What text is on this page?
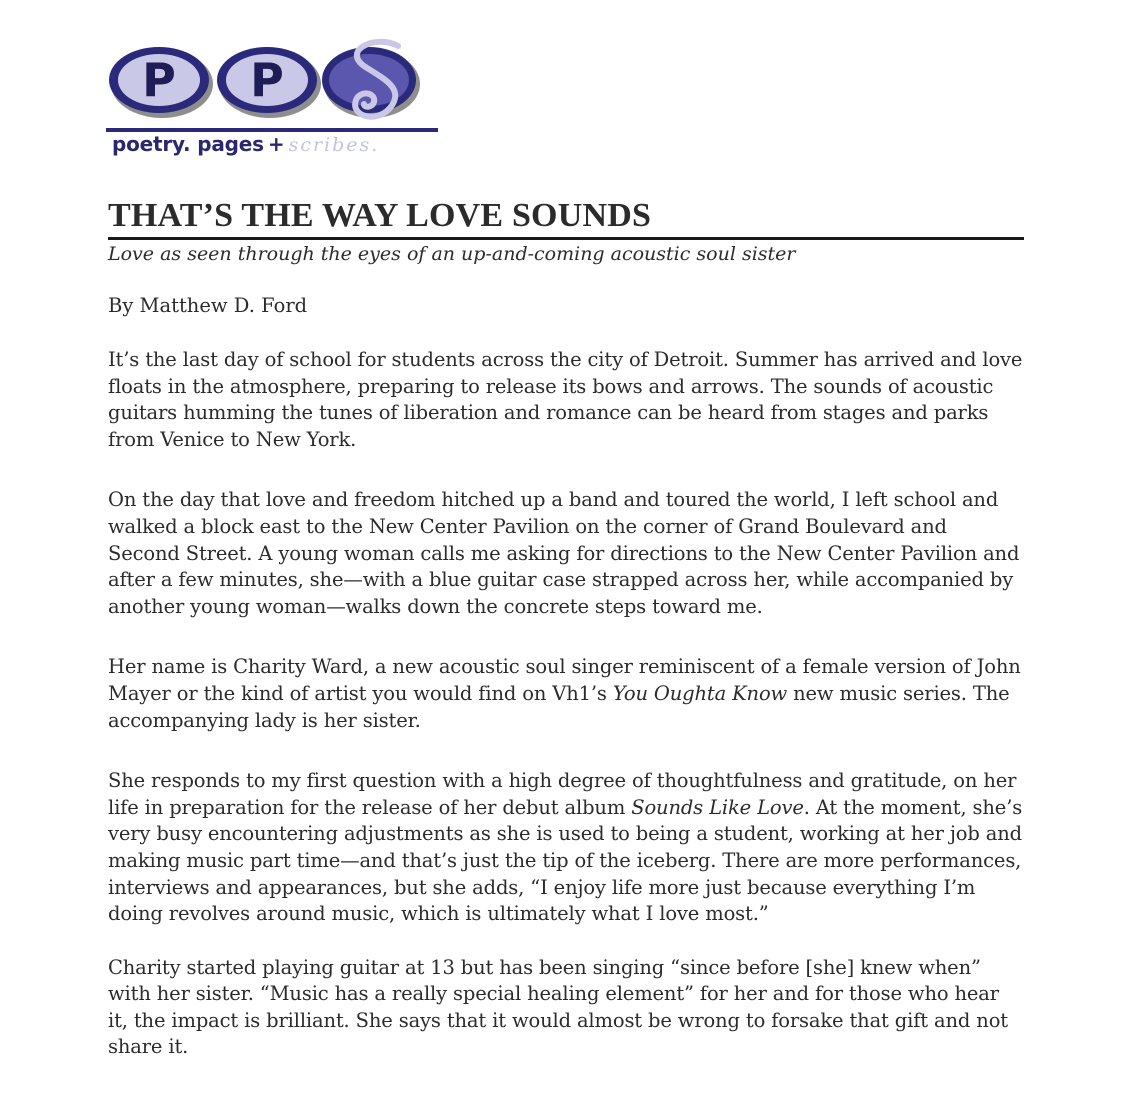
P P
poetry. pages + scribes.
THAT’S THE WAY LOVE SOUNDS

Love as seen through the eyes of an up-and-coming acoustic soul sister

By Matthew D. Ford

It’s the last day of school for students across the city of Detroit. Summer has arrived and love floats in the atmosphere, preparing to release its bows and arrows. The sounds of acoustic guitars humming the tunes of liberation and romance can be heard from stages and parks from Venice to New York.

On the day that love and freedom hitched up a band and toured the world, I left school and walked a block east to the New Center Pavilion on the corner of Grand Boulevard and Second Street. A young woman calls me asking for directions to the New Center Pavilion and after a few minutes, she—with a blue guitar case strapped across her, while accompanied by another young woman—walks down the concrete steps toward me.

Her name is Charity Ward, a new acoustic soul singer reminiscent of a female version of John Mayer or the kind of artist you would find on Vh1’s You Oughta Know new music series. The accompanying lady is her sister.

She responds to my first question with a high degree of thoughtfulness and gratitude, on her life in preparation for the release of her debut album Sounds Like Love. At the moment, she’s very busy encountering adjustments as she is used to being a student, working at her job and making music part time—and that’s just the tip of the iceberg. There are more performances, interviews and appearances, but she adds, “I enjoy life more just because everything I’m doing revolves around music, which is ultimately what I love most.”

Charity started playing guitar at 13 but has been singing “since before [she] knew when” with her sister. “Music has a really special healing element” for her and for those who hear it, the impact is brilliant. She says that it would almost be wrong to forsake that gift and not share it.
